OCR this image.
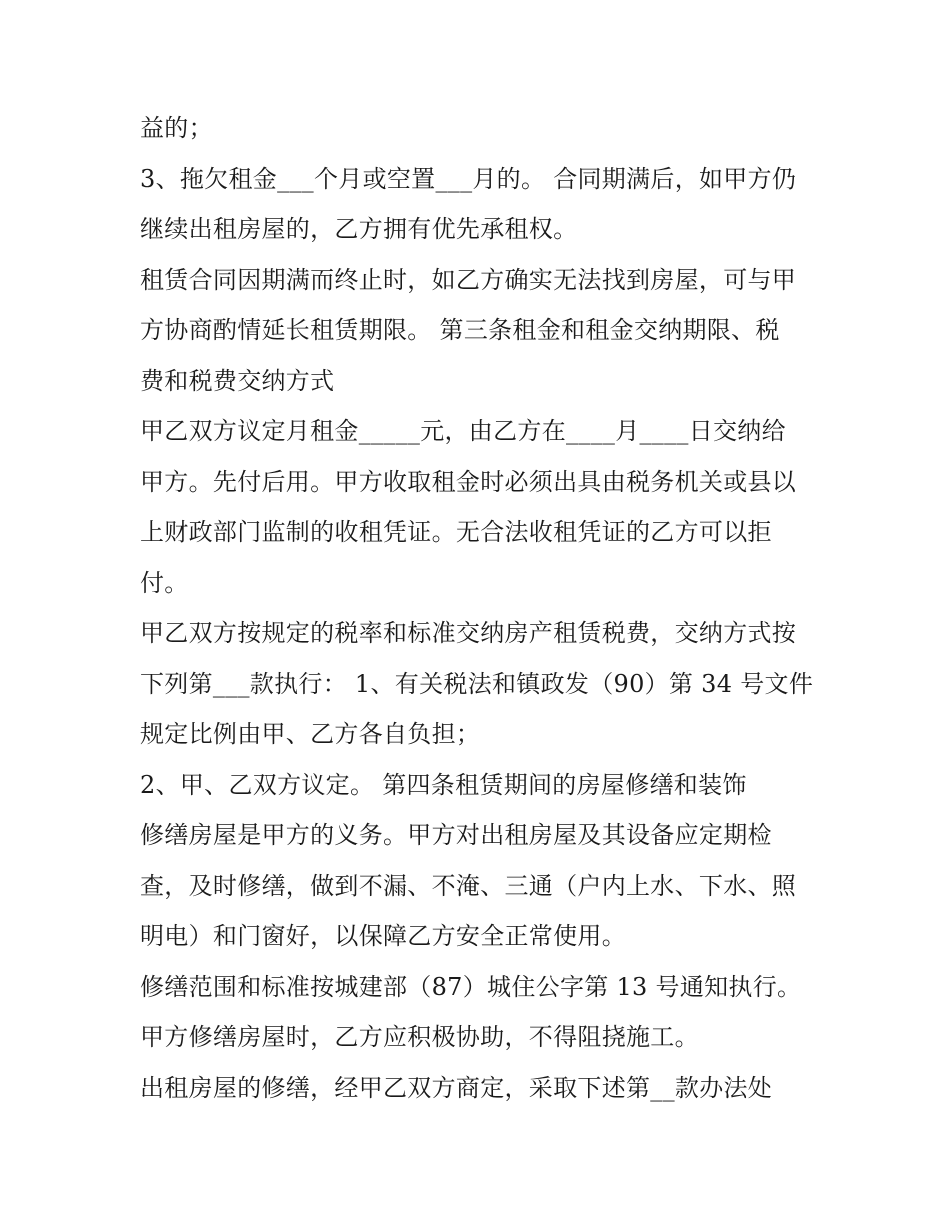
益的；
3、拖欠租金___个月或空置___月的。 合同期满后，如甲方仍
继续出租房屋的，乙方拥有优先承租权。
租赁合同因期满而终止时，如乙方确实无法找到房屋，可与甲
方协商酌情延长租赁期限。 第三条租金和租金交纳期限、税
费和税费交纳方式
甲乙双方议定月租金_____元，由乙方在____月____日交纳给
甲方。先付后用。甲方收取租金时必须出具由税务机关或县以
上财政部门监制的收租凭证。无合法收租凭证的乙方可以拒
付。
甲乙双方按规定的税率和标准交纳房产租赁税费，交纳方式按
下列第___款执行： 1、有关税法和镇政发（90）第 34 号文件
规定比例由甲、乙方各自负担；
2、甲、乙双方议定。 第四条租赁期间的房屋修缮和装饰
修缮房屋是甲方的义务。甲方对出租房屋及其设备应定期检
查，及时修缮，做到不漏、不淹、三通（户内上水、下水、照
明电）和门窗好，以保障乙方安全正常使用。
修缮范围和标准按城建部（87）城住公字第 13 号通知执行。
甲方修缮房屋时，乙方应积极协助，不得阻挠施工。
出租房屋的修缮，经甲乙双方商定，采取下述第__款办法处
